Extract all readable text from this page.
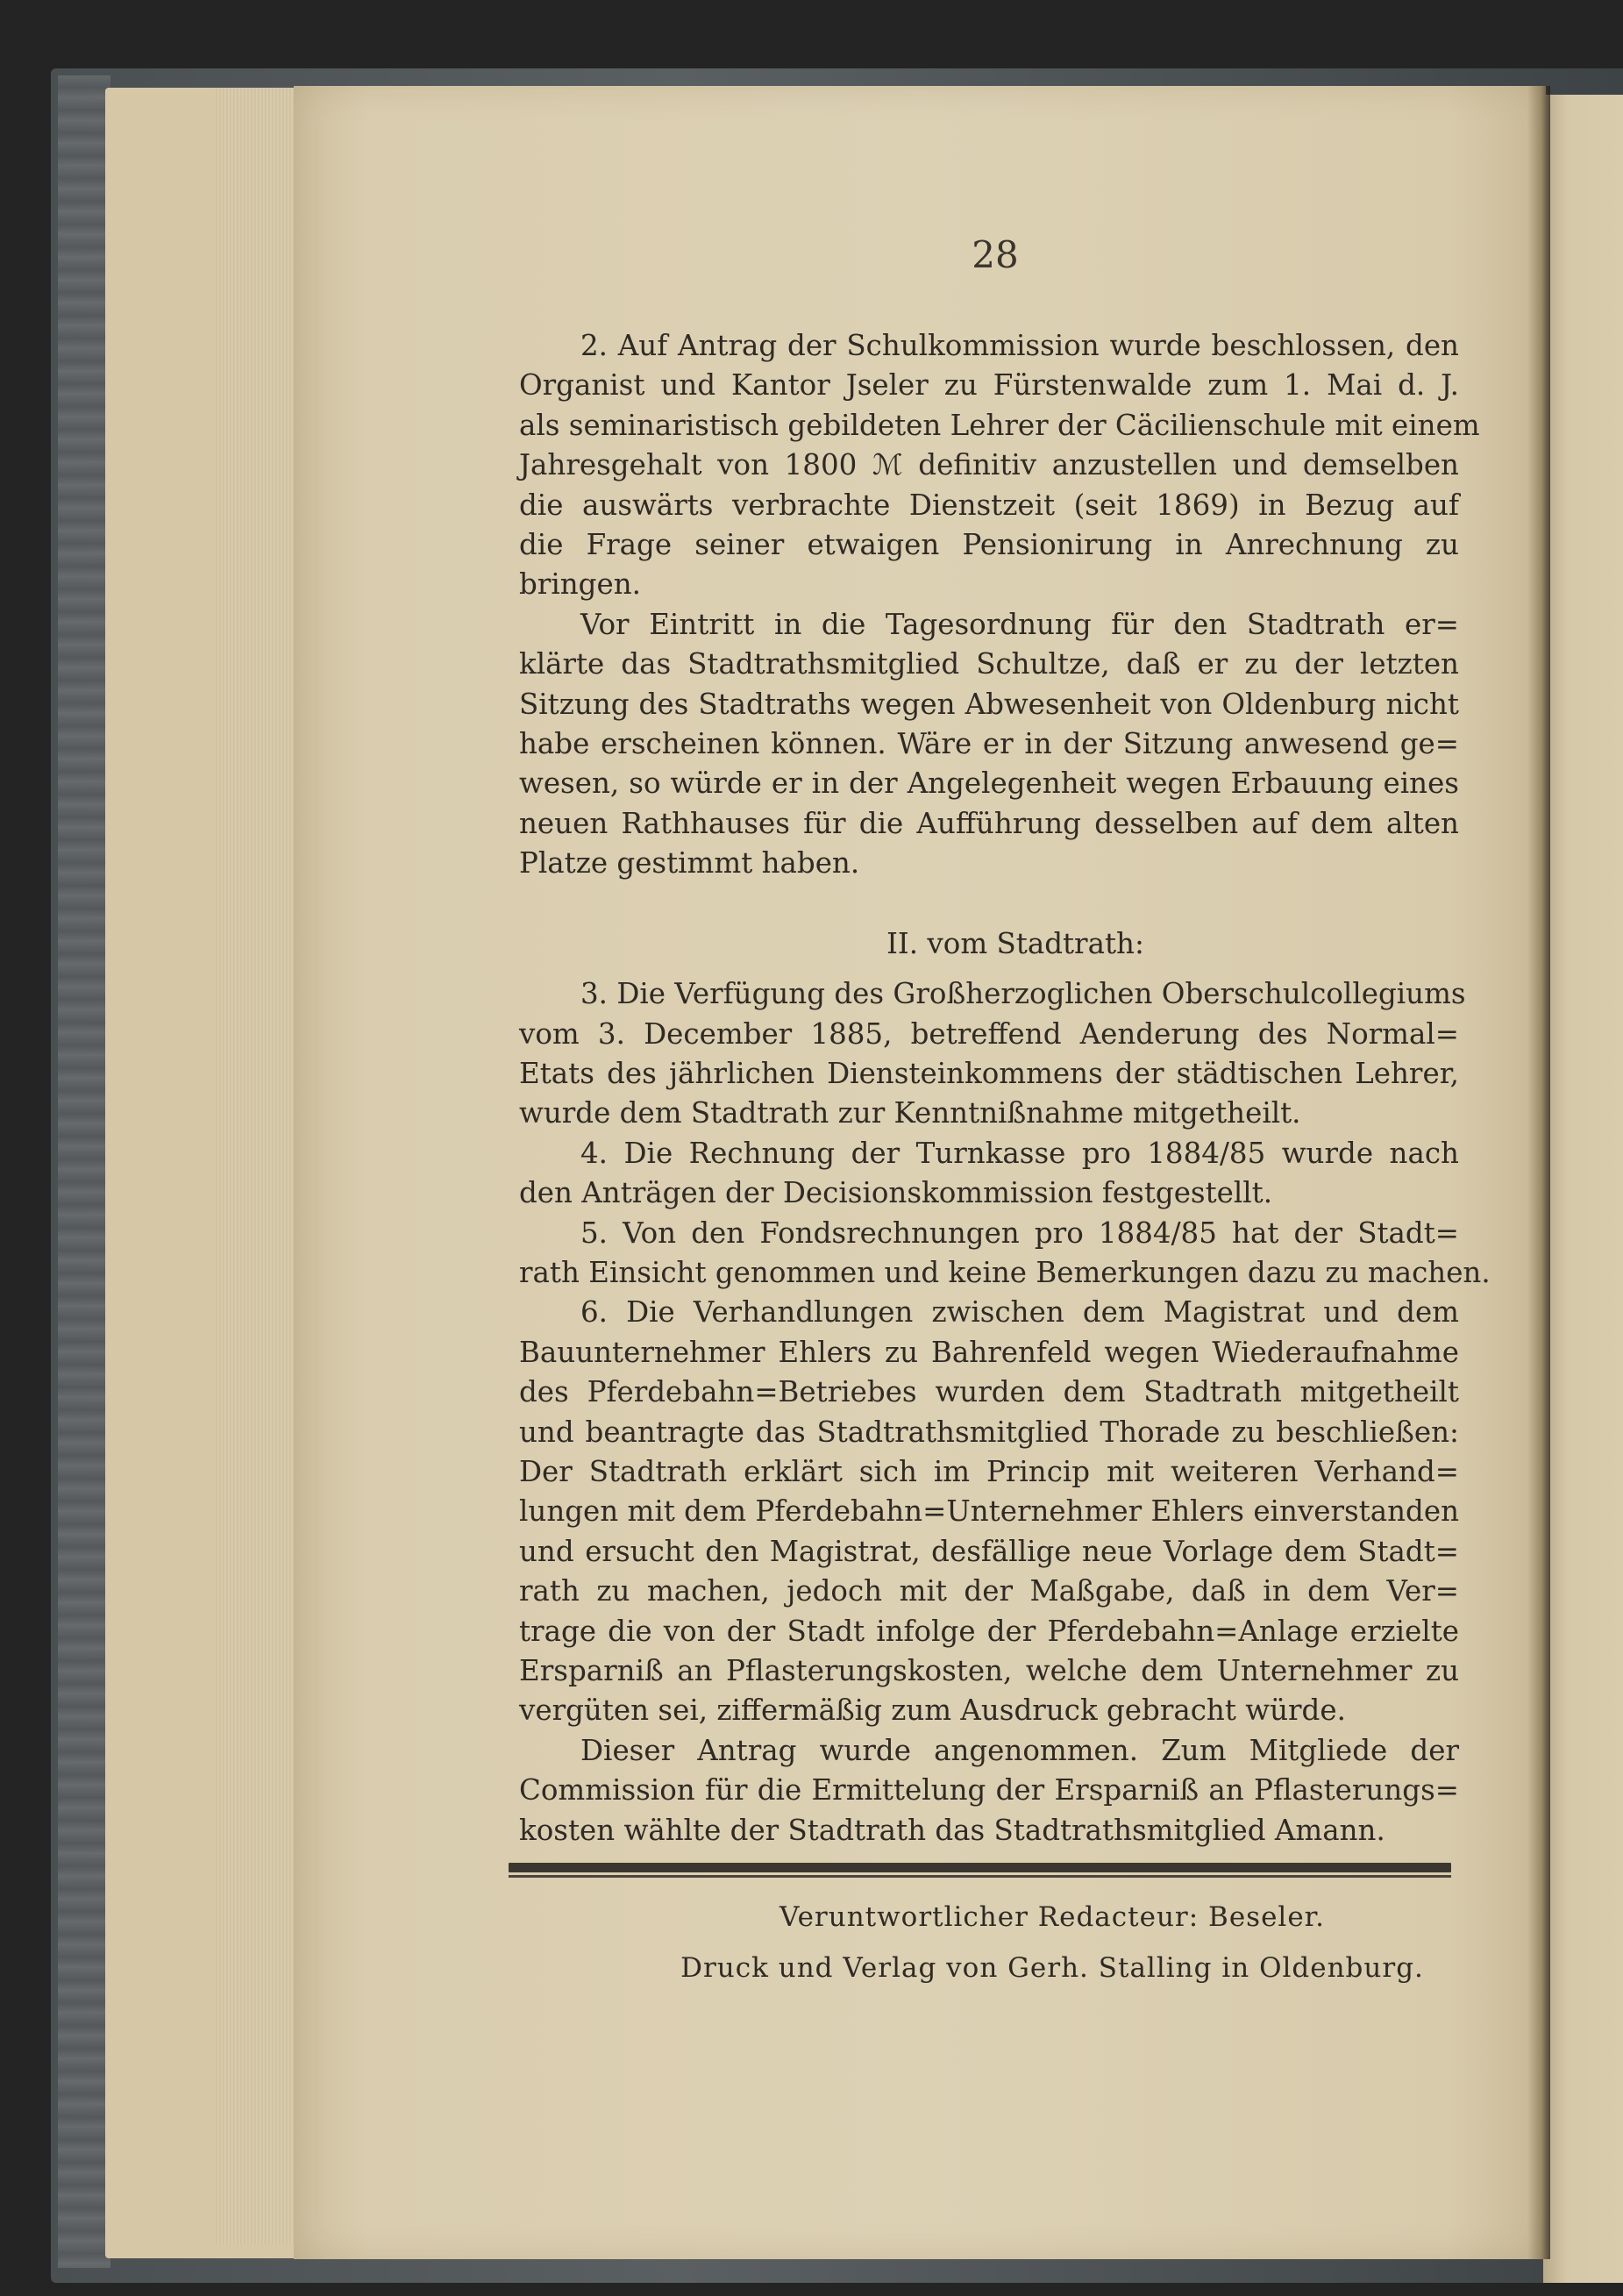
28
2. Auf Antrag der Schulkommission wurde beschlossen, den
Organist und Kantor Jseler zu Fürstenwalde zum 1. Mai d. J.
als seminaristisch gebildeten Lehrer der Cäcilienschule mit einem
Jahresgehalt von 1800 ℳ definitiv anzustellen und demselben
die auswärts verbrachte Dienstzeit (seit 1869) in Bezug auf
die Frage seiner etwaigen Pensionirung in Anrechnung zu
bringen.
Vor Eintritt in die Tagesordnung für den Stadtrath er=
klärte das Stadtrathsmitglied Schultze, daß er zu der letzten
Sitzung des Stadtraths wegen Abwesenheit von Oldenburg nicht
habe erscheinen können. Wäre er in der Sitzung anwesend ge=
wesen, so würde er in der Angelegenheit wegen Erbauung eines
neuen Rathhauses für die Aufführung desselben auf dem alten
Platze gestimmt haben.
II. vom Stadtrath:
3. Die Verfügung des Großherzoglichen Oberschulcollegiums
vom 3. December 1885, betreffend Aenderung des Normal=
Etats des jährlichen Diensteinkommens der städtischen Lehrer,
wurde dem Stadtrath zur Kenntnißnahme mitgetheilt.
4. Die Rechnung der Turnkasse pro 1884/85 wurde nach
den Anträgen der Decisionskommission festgestellt.
5. Von den Fondsrechnungen pro 1884/85 hat der Stadt=
rath Einsicht genommen und keine Bemerkungen dazu zu machen.
6. Die Verhandlungen zwischen dem Magistrat und dem
Bauunternehmer Ehlers zu Bahrenfeld wegen Wiederaufnahme
des Pferdebahn=Betriebes wurden dem Stadtrath mitgetheilt
und beantragte das Stadtrathsmitglied Thorade zu beschließen:
Der Stadtrath erklärt sich im Princip mit weiteren Verhand=
lungen mit dem Pferdebahn=Unternehmer Ehlers einverstanden
und ersucht den Magistrat, desfällige neue Vorlage dem Stadt=
rath zu machen, jedoch mit der Maßgabe, daß in dem Ver=
trage die von der Stadt infolge der Pferdebahn=Anlage erzielte
Ersparniß an Pflasterungskosten, welche dem Unternehmer zu
vergüten sei, ziffermäßig zum Ausdruck gebracht würde.
Dieser Antrag wurde angenommen. Zum Mitgliede der
Commission für die Ermittelung der Ersparniß an Pflasterungs=
kosten wählte der Stadtrath das Stadtrathsmitglied Amann.
Veruntwortlicher Redacteur: Beseler.
Druck und Verlag von Gerh. Stalling in Oldenburg.
